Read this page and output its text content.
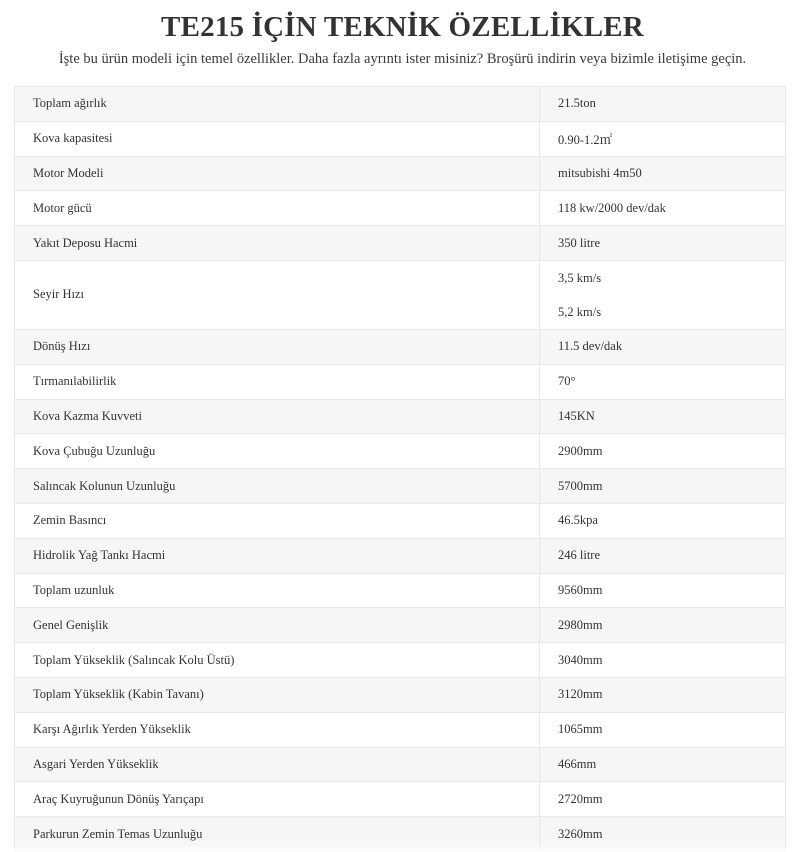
TE215 İÇİN TEKNİK ÖZELLİKLER

İşte bu ürün modeli için temel özellikler. Daha fazla ayrıntı ister misiniz? Broşürü indirin veya bizimle iletişime geçin.

Toplam ağırlık	21.5ton
Kova kapasitesi	0.90-1.2㎡
Motor Modeli	mitsubishi 4m50
Motor gücü	118 kw/2000 dev/dak
Yakıt Deposu Hacmi	350 litre
Seyir Hızı	3,5 km/s
5,2 km/s

Dönüş Hızı	11.5 dev/dak
Tırmanılabilirlik	70°
Kova Kazma Kuvveti	145KN
Kova Çubuğu Uzunluğu	2900mm
Salıncak Kolunun Uzunluğu	5700mm
Zemin Basıncı	46.5kpa
Hidrolik Yağ Tankı Hacmi	246 litre
Toplam uzunluk	9560mm
Genel Genişlik	2980mm
Toplam Yükseklik (Salıncak Kolu Üstü)	3040mm
Toplam Yükseklik (Kabin Tavanı)	3120mm
Karşı Ağırlık Yerden Yükseklik	1065mm
Asgari Yerden Yükseklik	466mm
Araç Kuyruğunun Dönüş Yarıçapı	2720mm
Parkurun Zemin Temas Uzunluğu	3260mm
